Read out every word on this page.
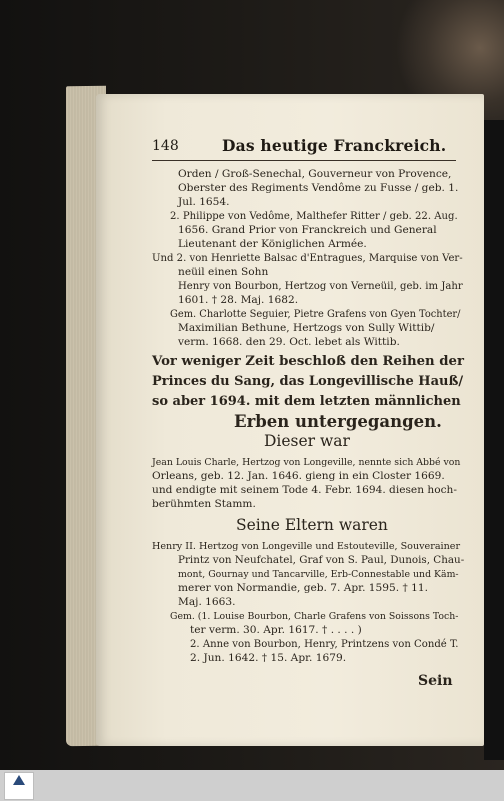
148	Das heutige Franckreich.
Orden / Groß-Senechal, Gouverneur von Provence,
Oberster des Regiments Vendôme zu Fusse / geb. 1.
Jul. 1654.
2. Philippe von Vedôme, Malthefer Ritter / geb. 22. Aug.
1656. Grand Prior von Franckreich und General
Lieutenant der Königlichen Armée.
Und 2. von Henriette Balsac d'Entragues, Marquise von Ver-
neüil einen Sohn
Henry von Bourbon, Hertzog von Verneüil, geb. im Jahr
1601. † 28. Maj. 1682.
Gem. Charlotte Seguier, Pietre Grafens von Gyen Tochter/
Maximilian Bethune, Hertzogs von Sully Wittib/
verm. 1668. den 29. Oct. lebet als Wittib.
Vor weniger Zeit beschloß den Reihen der
Princes du Sang, das Longevillische Hauß/
so aber 1694. mit dem letzten männlichen
Erben untergegangen.
Dieser war
Jean Louis Charle, Hertzog von Longeville, nennte sich Abbé von
Orleans, geb. 12. Jan. 1646. gieng in ein Closter 1669.
und endigte mit seinem Tode 4. Febr. 1694. diesen hoch-
berühmten Stamm.
Seine Eltern waren
Henry II. Hertzog von Longeville und Estouteville, Souverainer
Printz von Neufchatel, Graf von S. Paul, Dunois, Chau-
mont, Gournay und Tancarville, Erb-Connestable und Käm-
merer von Normandie, geb. 7. Apr. 1595. † 11.
Maj. 1663.
Gem. (1. Louise Bourbon, Charle Grafens von Soissons Toch-
ter verm. 30. Apr. 1617. † . . . . )
2. Anne von Bourbon, Henry, Printzens von Condé T.
2. Jun. 1642. † 15. Apr. 1679.
Sein
